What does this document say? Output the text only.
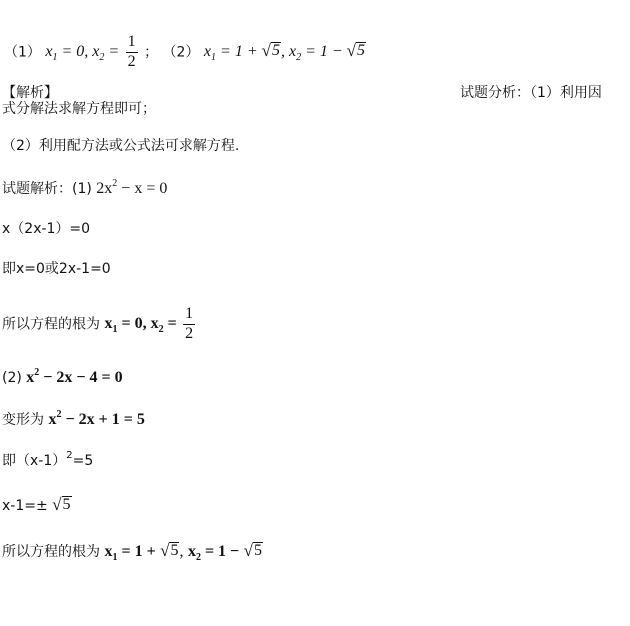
（1） $x_1 = 0$, $x_2 = \frac{1}{2}$ ； （2） $x_1 = 1$ + √ 5 , $x_2 = 1$ − √ 5
【解析】	试题分析：（1）利用因
式分解法求解方程即可；
（2）利用配方法或公式法可求解方程.
试题解析：(1) $2x^2 - x = 0$
x（2x-1）=0
即x=0或2x-1=0
所以方程的根为 $x_1 = 0$, $x_2 = \frac{1}{2}$
(2) $x^2 - 2x - 4 = 0$
变形为 $x^2 - 2x + 1 = 5$
即$(x-1)^2=5$
x-1=± √ 5
所以方程的根为 $x_1 = 1$ + √ 5 , $x_2 = 1$ − √ 5
